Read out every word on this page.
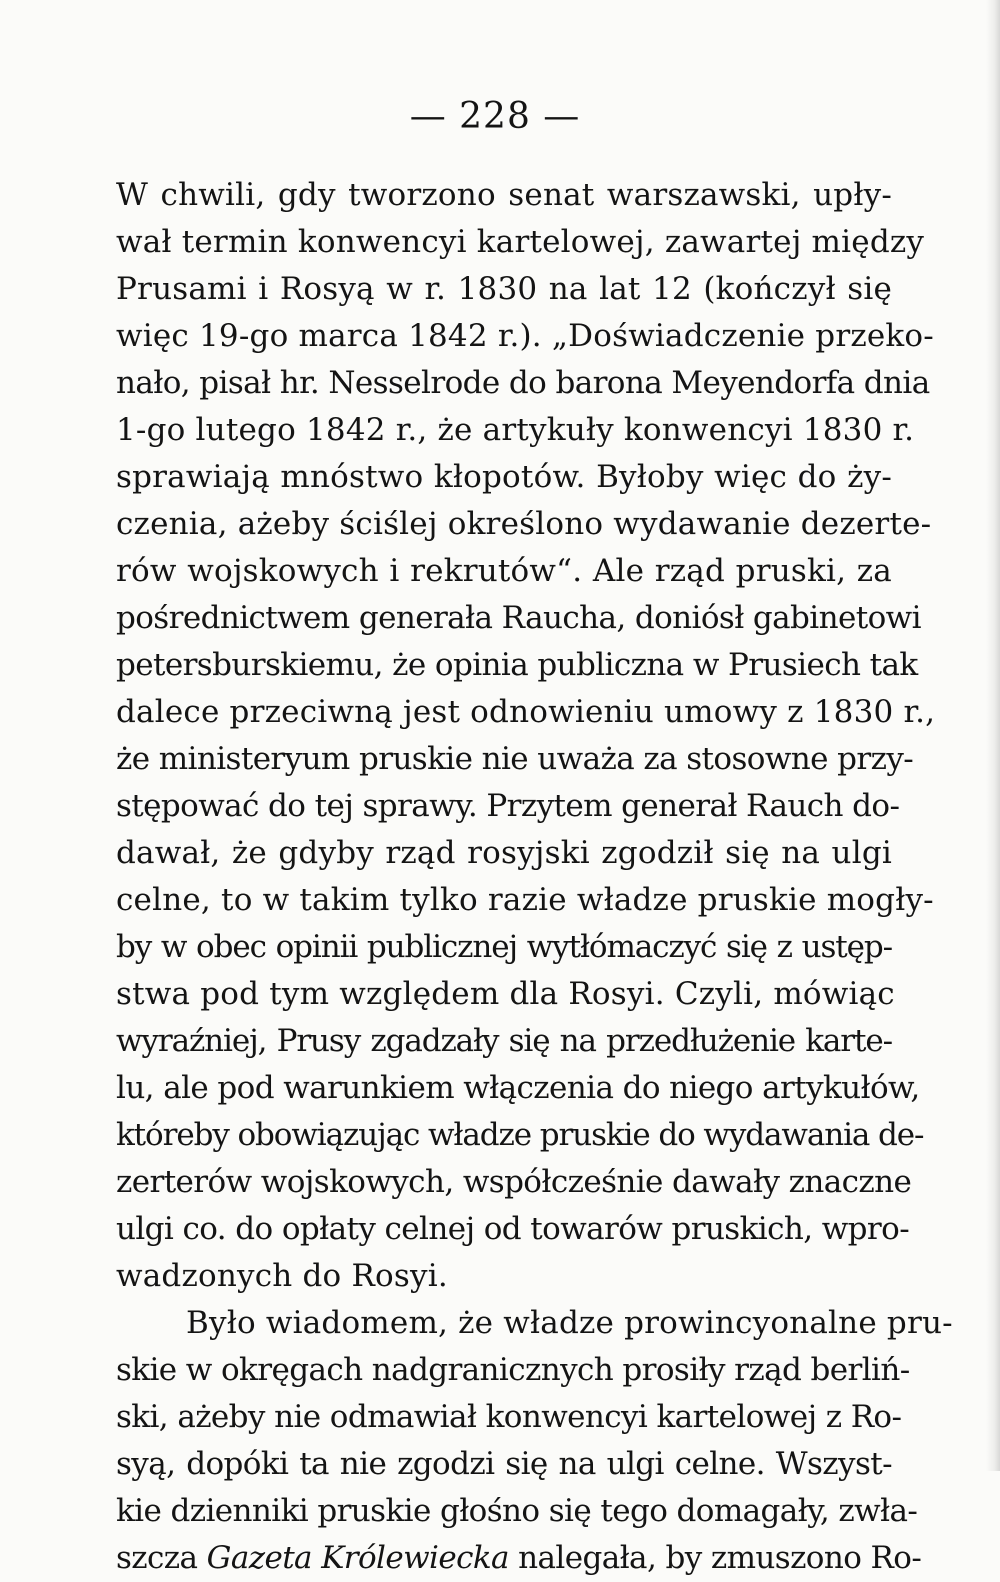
— 228 —
W chwili, gdy tworzono senat warszawski, upły-
wał termin konwencyi kartelowej, zawartej między
Prusami i Rosyą w r. 1830 na lat 12 (kończył się
więc 19-go marca 1842 r.). „Doświadczenie przeko-
nało, pisał hr. Nesselrode do barona Meyendorfa dnia
1-go lutego 1842 r., że artykuły konwencyi 1830 r.
sprawiają mnóstwo kłopotów. Byłoby więc do ży-
czenia, ażeby ściślej określono wydawanie dezerte-
rów wojskowych i rekrutów“. Ale rząd pruski, za
pośrednictwem generała Raucha, doniósł gabinetowi
petersburskiemu, że opinia publiczna w Prusiech tak
dalece przeciwną jest odnowieniu umowy z 1830 r.,
że ministeryum pruskie nie uważa za stosowne przy-
stępować do tej sprawy. Przytem generał Rauch do-
dawał, że gdyby rząd rosyjski zgodził się na ulgi
celne, to w takim tylko razie władze pruskie mogły-
by w obec opinii publicznej wytłómaczyć się z ustęp-
stwa pod tym względem dla Rosyi. Czyli, mówiąc
wyraźniej, Prusy zgadzały się na przedłużenie karte-
lu, ale pod warunkiem włączenia do niego artykułów,
któreby obowiązując władze pruskie do wydawania de-
zerterów wojskowych, współcześnie dawały znaczne
ulgi co. do opłaty celnej od towarów pruskich, wpro-
wadzonych do Rosyi.
Było wiadomem, że władze prowincyonalne pru-
skie w okręgach nadgranicznych prosiły rząd berliń-
ski, ażeby nie odmawiał konwencyi kartelowej z Ro-
syą, dopóki ta nie zgodzi się na ulgi celne. Wszyst-
kie dzienniki pruskie głośno się tego domagały, zwła-
szcza Gazeta Królewiecka nalegała, by zmuszono Ro-
